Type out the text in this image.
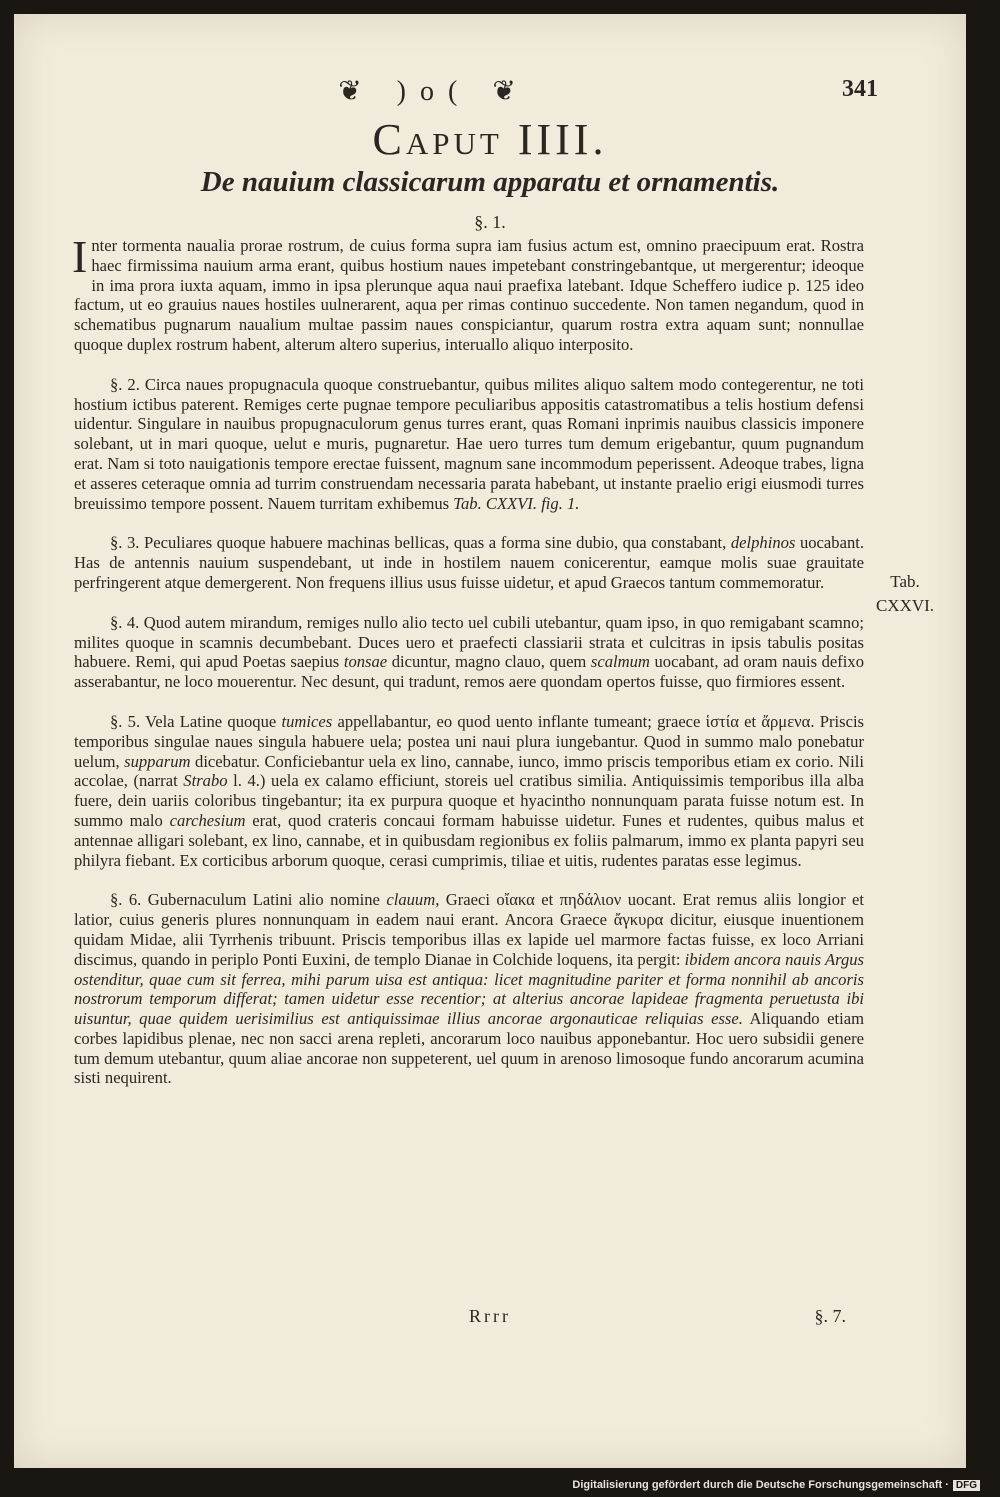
❦ )o( ❦	341
Caput IIII.
De nauium classicarum apparatu et ornamentis.
§. 1.

Inter tormenta naualia prorae rostrum, de cuius forma supra iam fusius actum est, omnino praecipuum erat. Rostra haec firmissima nauium arma erant, quibus hostium naues impetebant constringebantque, ut mergerentur; ideoque in ima prora iuxta aquam, immo in ipsa plerunque aqua naui praefixa latebant. Idque Scheffero iudice p. 125 ideo factum, ut eo grauius naues hostiles uulnerarent, aqua per rimas continuo succedente. Non tamen negandum, quod in schematibus pugnarum naualium multae passim naues conspiciantur, quarum rostra extra aquam sunt; nonnullae quoque duplex rostrum habent, alterum altero superius, interuallo aliquo interposito.

§. 2. Circa naues propugnacula quoque construebantur, quibus milites aliquo saltem modo contegerentur, ne toti hostium ictibus paterent. Remiges certe pugnae tempore peculiaribus appositis catastromatibus a telis hostium defensi uidentur. Singulare in nauibus propugnaculorum genus turres erant, quas Romani inprimis nauibus classicis imponere solebant, ut in mari quoque, uelut e muris, pugnaretur. Hae uero turres tum demum erigebantur, quum pugnandum erat. Nam si toto nauigationis tempore erectae fuissent, magnum sane incommodum peperissent. Adeoque trabes, ligna et asseres ceteraque omnia ad turrim construendam necessaria parata habebant, ut instante praelio erigi eiusmodi turres breuissimo tempore possent. Nauem turritam exhibemus Tab. CXXVI. fig. 1.

§. 3. Peculiares quoque habuere machinas bellicas, quas a forma sine dubio, qua constabant, delphinos uocabant. Has de antennis nauium suspendebant, ut inde in hostilem nauem conicerentur, eamque molis suae grauitate perfringerent atque demergerent. Non frequens illius usus fuisse uidetur, et apud Graecos tantum commemoratur.

§. 4. Quod autem mirandum, remiges nullo alio tecto uel cubili utebantur, quam ipso, in quo remigabant scamno; milites quoque in scamnis decumbebant. Duces uero et praefecti classiarii strata et culcitras in ipsis tabulis positas habuere. Remi, qui apud Poetas saepius tonsae dicuntur, magno clauo, quem scalmum uocabant, ad oram nauis defixo asserabantur, ne loco mouerentur. Nec desunt, qui tradunt, remos aere quondam opertos fuisse, quo firmiores essent.

§. 5. Vela Latine quoque tumices appellabantur, eo quod uento inflante tumeant; graece ἱστία et ἄρμενα. Priscis temporibus singulae naues singula habuere uela; postea uni naui plura iungebantur. Quod in summo malo ponebatur uelum, supparum dicebatur. Conficiebantur uela ex lino, cannabe, iunco, immo priscis temporibus etiam ex corio. Nili accolae, (narrat Strabo l. 4.) uela ex calamo efficiunt, storeis uel cratibus similia. Antiquissimis temporibus illa alba fuere, dein uariis coloribus tingebantur; ita ex purpura quoque et hyacintho nonnunquam parata fuisse notum est. In summo malo carchesium erat, quod crateris concaui formam habuisse uidetur. Funes et rudentes, quibus malus et antennae alligari solebant, ex lino, cannabe, et in quibusdam regionibus ex foliis palmarum, immo ex planta papyri seu philyra fiebant. Ex corticibus arborum quoque, cerasi cumprimis, tiliae et uitis, rudentes paratas esse legimus.

§. 6. Gubernaculum Latini alio nomine clauum, Graeci οἴακα et πηδάλιον uocant. Erat remus aliis longior et latior, cuius generis plures nonnunquam in eadem naui erant. Ancora Graece ἄγκυρα dicitur, eiusque inuentionem quidam Midae, alii Tyrrhenis tribuunt. Priscis temporibus illas ex lapide uel marmore factas fuisse, ex loco Arriani discimus, quando in periplo Ponti Euxini, de templo Dianae in Colchide loquens, ita pergit: ibidem ancora nauis Argus ostenditur, quae cum sit ferrea, mihi parum uisa est antiqua: licet magnitudine pariter et forma nonnihil ab ancoris nostrorum temporum differat; tamen uidetur esse recentior; at alterius ancorae lapideae fragmenta peruetusta ibi uisuntur, quae quidem uerisimilius est antiquissimae illius ancorae argonauticae reliquias esse. Aliquando etiam corbes lapidibus plenae, nec non sacci arena repleti, ancorarum loco nauibus apponebantur. Hoc uero subsidii genere tum demum utebantur, quum aliae ancorae non suppeterent, uel quum in arenoso limosoque fundo ancorarum acumina sisti nequirent.

Tab.
CXXVI.
Rrrr	§. 7.
Digitalisierung gefördert durch die Deutsche Forschungsgemeinschaft · DFG
